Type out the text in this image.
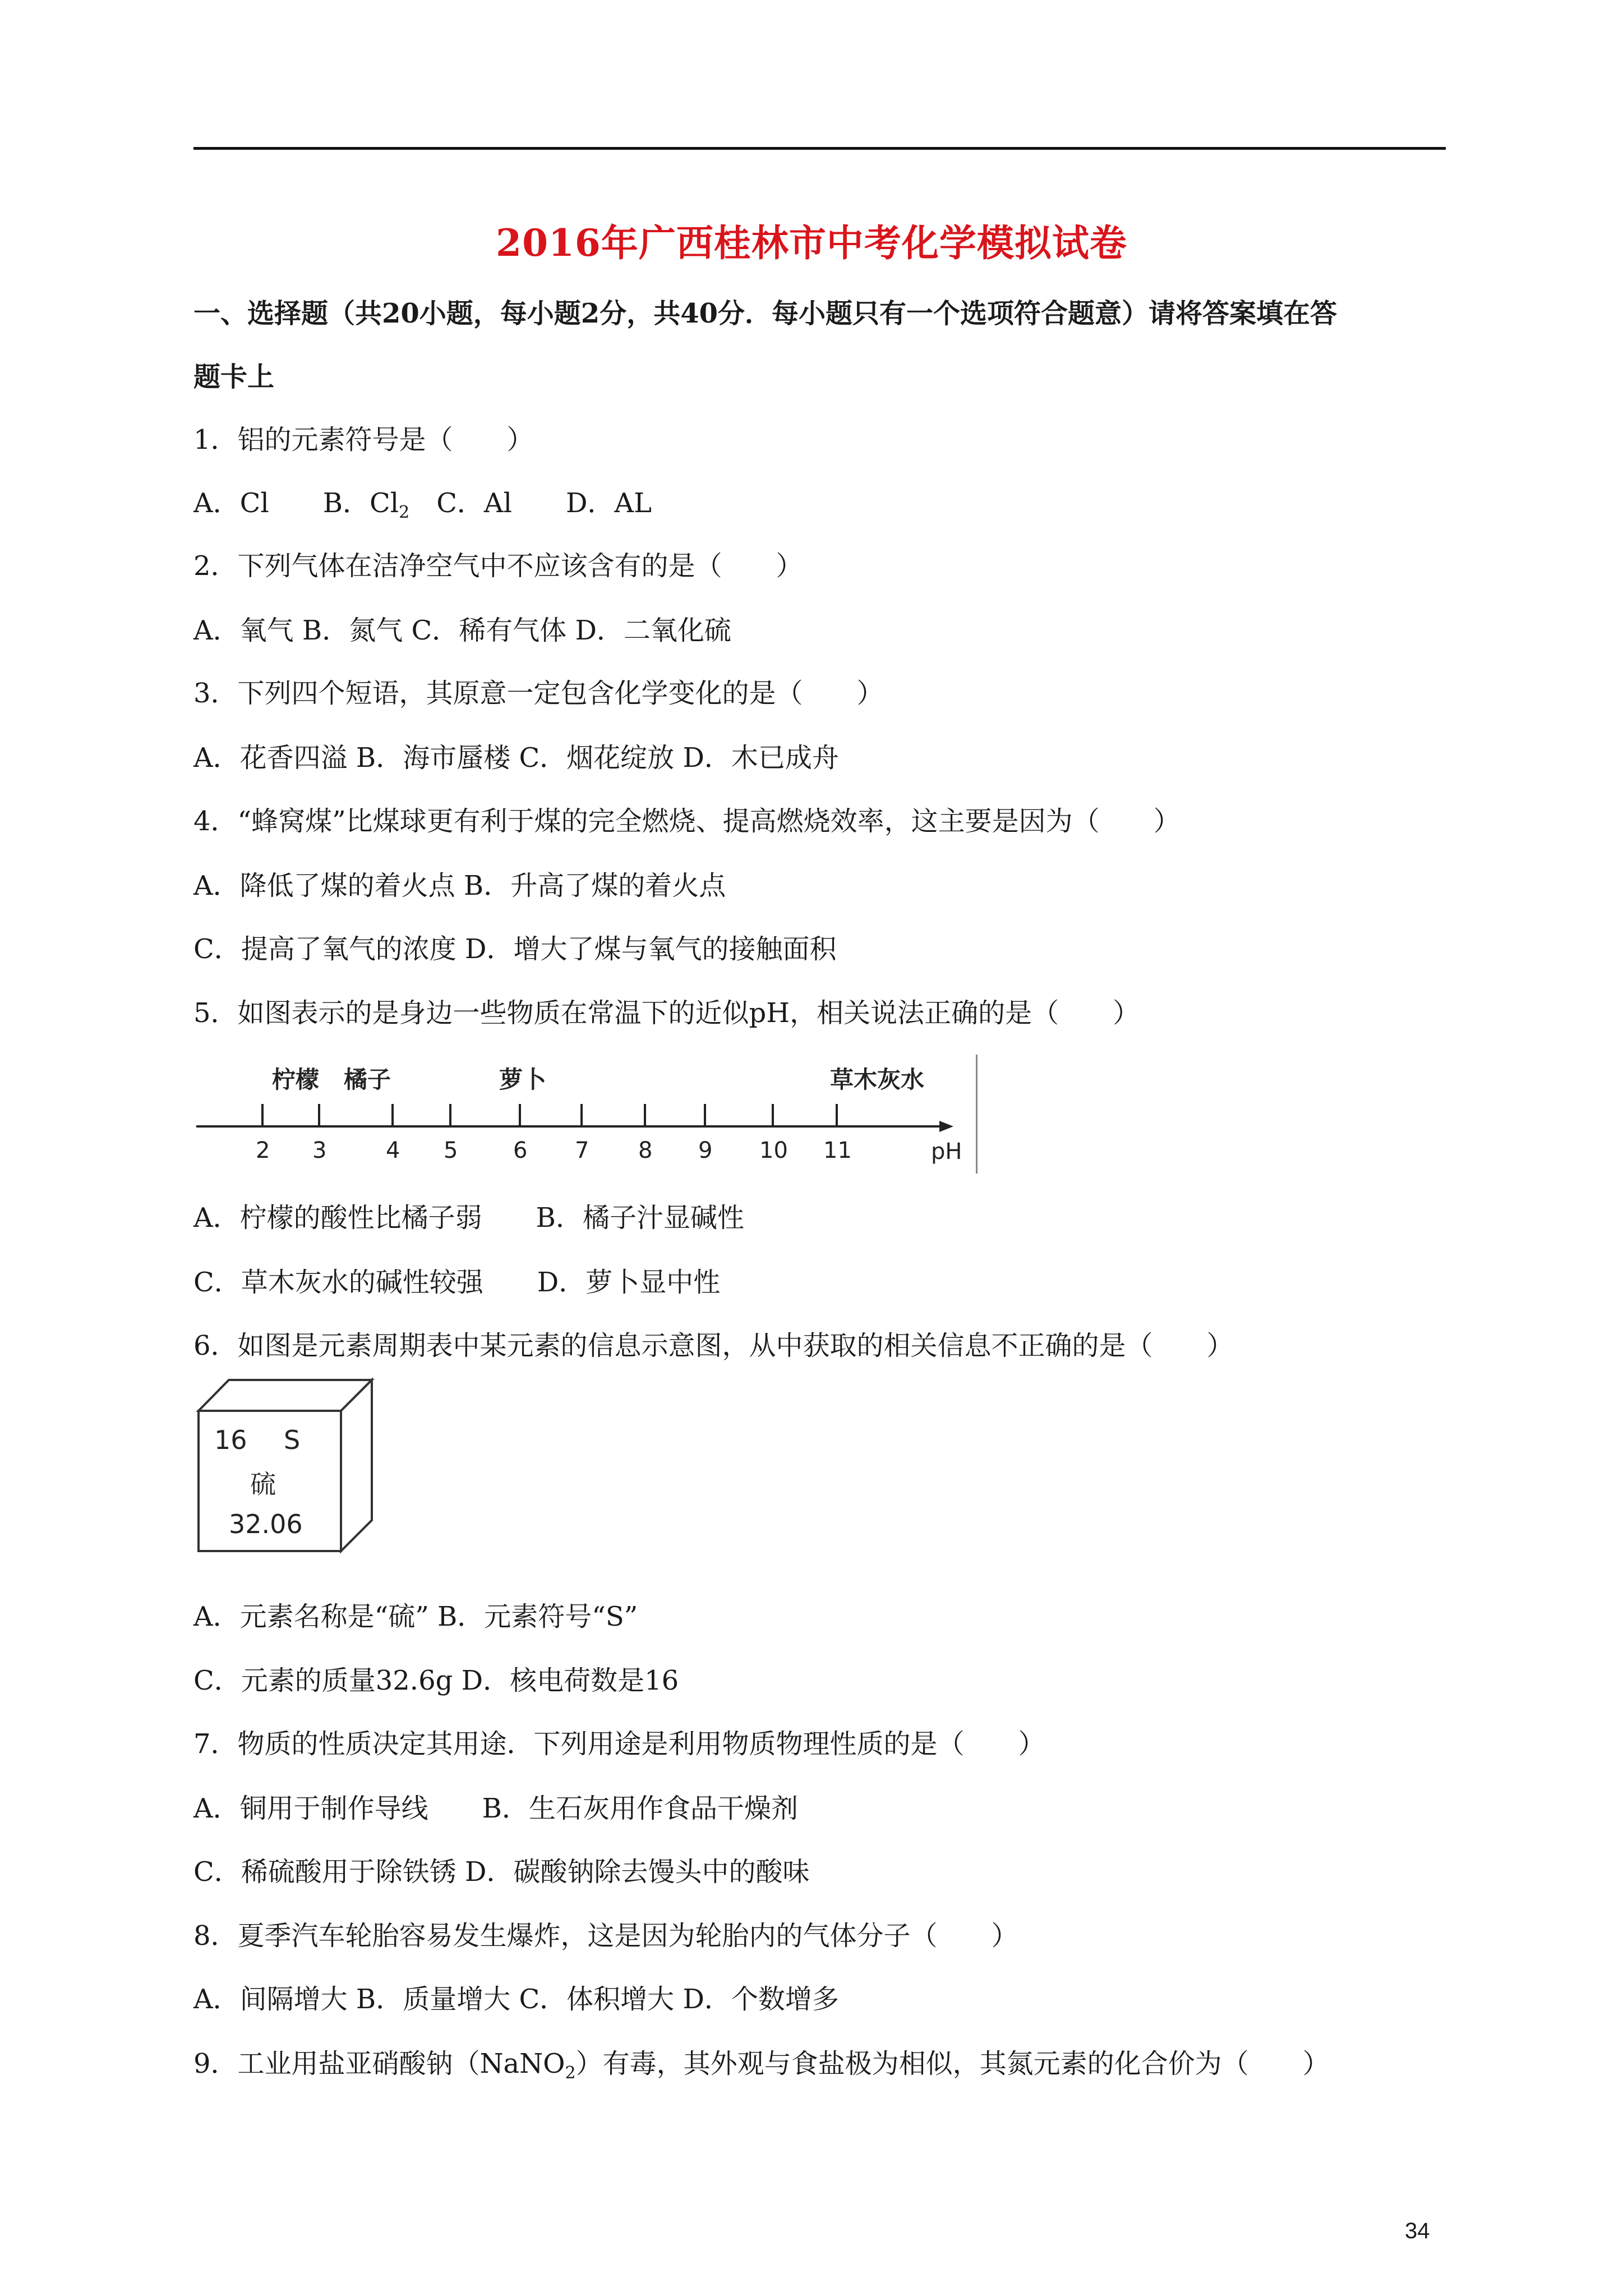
2016年广西桂林市中考化学模拟试卷
一、选择题（共20小题，每小题2分，共40分．每小题只有一个选项符合题意）请将答案填在答
题卡上
1．铝的元素符号是（　　）
A．Cl　　B．$Cl_2$　C．Al　　D．AL
2．下列气体在洁净空气中不应该含有的是（　　）
A．氧气 B．氮气 C．稀有气体 D．二氧化硫
3．下列四个短语，其原意一定包含化学变化的是（　　）
A．花香四溢 B．海市蜃楼 C．烟花绽放 D．木已成舟
4．“蜂窝煤”比煤球更有利于煤的完全燃烧、提高燃烧效率，这主要是因为（　　）
A．降低了煤的着火点 B．升高了煤的着火点
C．提高了氧气的浓度 D．增大了煤与氧气的接触面积
5．如图表示的是身边一些物质在常温下的近似pH，相关说法正确的是（　　）
柠檬 橘子	萝卜	草木灰水
pH
2 3	4 5 6 7 8 9 10 11
A．柠檬的酸性比橘子弱　　B．橘子汁显碱性
C．草木灰水的碱性较强　　D．萝卜显中性
6．如图是元素周期表中某元素的信息示意图，从中获取的相关信息不正确的是（　　）
16 S
硫
32.06
A．元素名称是“硫” B．元素符号“S”
C．元素的质量32.6g D．核电荷数是16
7．物质的性质决定其用途．下列用途是利用物质物理性质的是（　　）
A．铜用于制作导线　　B．生石灰用作食品干燥剂
C．稀硫酸用于除铁锈 D．碳酸钠除去馒头中的酸味
8．夏季汽车轮胎容易发生爆炸，这是因为轮胎内的气体分子（　　）
A．间隔增大 B．质量增大 C．体积增大 D．个数增多
9．工业用盐亚硝酸钠（NaNO$_2$）有毒，其外观与食盐极为相似，其氮元素的化合价为（　　）
34
